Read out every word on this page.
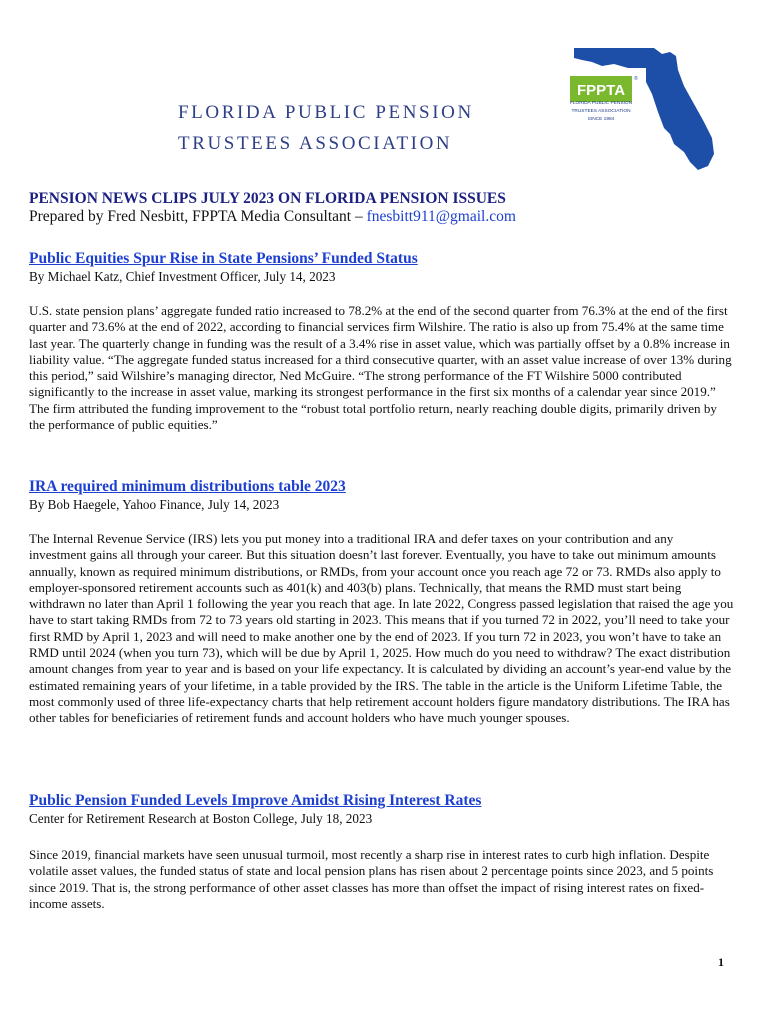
FLORIDA PUBLIC PENSION
TRUSTEES ASSOCIATION
FPPTA
®
FLORIDA PUBLIC PENSION
TRUSTEES ASSOCIATION
SINCE 1984
PENSION NEWS CLIPS JULY 2023 ON FLORIDA PENSION ISSUES
Prepared by Fred Nesbitt, FPPTA Media Consultant – fnesbitt911@gmail.com
Public Equities Spur Rise in State Pensions’ Funded Status
By Michael Katz, Chief Investment Officer, July 14, 2023

U.S. state pension plans’ aggregate funded ratio increased to 78.2% at the end of the second quarter from 76.3% at the end of the first quarter and 73.6% at the end of 2022, according to financial services firm Wilshire. The ratio is also up from 75.4% at the same time last year. The quarterly change in funding was the result of a 3.4% rise in asset value, which was partially offset by a 0.8% increase in liability value. “The aggregate funded status increased for a third consecutive quarter, with an asset value increase of over 13% during this period,” said Wilshire’s managing director, Ned McGuire. “The strong performance of the FT Wilshire 5000 contributed significantly to the increase in asset value, marking its strongest performance in the first six months of a calendar year since 2019.” The firm attributed the funding improvement to the “robust total portfolio return, nearly reaching double digits, primarily driven by the performance of public equities.”

IRA required minimum distributions table 2023
By Bob Haegele, Yahoo Finance, July 14, 2023

The Internal Revenue Service (IRS) lets you put money into a traditional IRA and defer taxes on your contribution and any investment gains all through your career. But this situation doesn’t last forever. Eventually, you have to take out minimum amounts annually, known as required minimum distributions, or RMDs, from your account once you reach age 72 or 73. RMDs also apply to employer-sponsored retirement accounts such as 401(k) and 403(b) plans. Technically, that means the RMD must start being withdrawn no later than April 1 following the year you reach that age. In late 2022, Congress passed legislation that raised the age you have to start taking RMDs from 72 to 73 years old starting in 2023. This means that if you turned 72 in 2022, you’ll need to take your first RMD by April 1, 2023 and will need to make another one by the end of 2023. If you turn 72 in 2023, you won’t have to take an RMD until 2024 (when you turn 73), which will be due by April 1, 2025. How much do you need to withdraw? The exact distribution amount changes from year to year and is based on your life expectancy. It is calculated by dividing an account’s year-end value by the estimated remaining years of your lifetime, in a table provided by the IRS. The table in the article is the Uniform Lifetime Table, the most commonly used of three life-expectancy charts that help retirement account holders figure mandatory distributions. The IRA has other tables for beneficiaries of retirement funds and account holders who have much younger spouses.

Public Pension Funded Levels Improve Amidst Rising Interest Rates
Center for Retirement Research at Boston College, July 18, 2023

Since 2019, financial markets have seen unusual turmoil, most recently a sharp rise in interest rates to curb high inflation. Despite volatile asset values, the funded status of state and local pension plans has risen about 2 percentage points since 2023, and 5 points since 2019. That is, the strong performance of other asset classes has more than offset the impact of rising interest rates on fixed-income assets.

1
